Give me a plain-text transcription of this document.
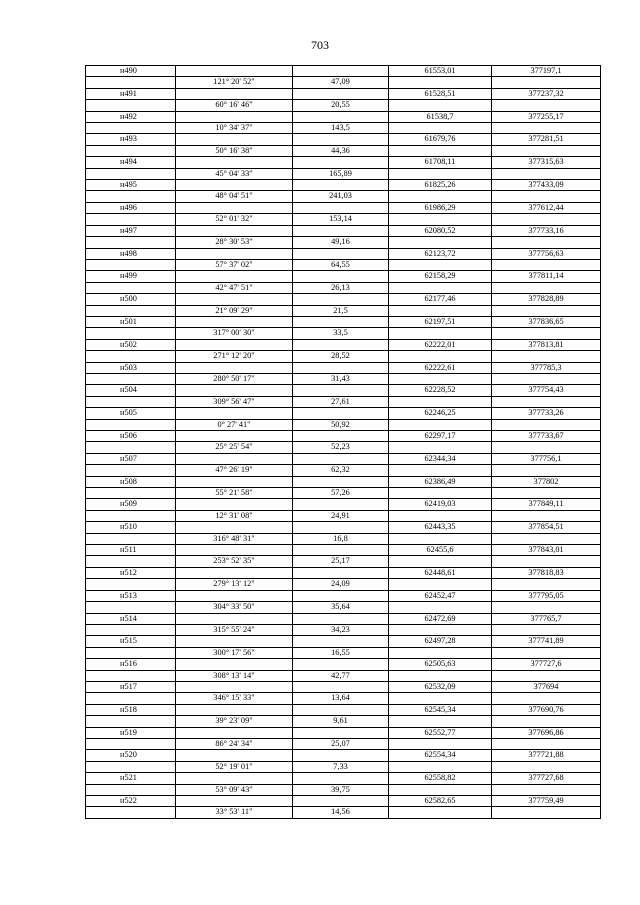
703
н490			61553,01	377197,1
	121° 20' 52"	47,09		
н491			61528,51	377237,32
	60° 16' 46"	20,55		
н492			61538,7	377255,17
	10° 34' 37"	143,5		
н493			61679,76	377281,51
	50° 16' 38"	44,36		
н494			61708,11	377315,63
	45° 04' 33"	165,89		
н495			61825,26	377433,09
	48° 04' 51"	241,03		
н496			61986,29	377612,44
	52° 01' 32"	153,14		
н497			62080,52	377733,16
	28° 30' 53"	49,16		
н498			62123,72	377756,63
	57° 37' 02"	64,55		
н499			62158,29	377811,14
	42° 47' 51"	26,13		
н500			62177,46	377828,89
	21° 09' 29"	21,5		
н501			62197,51	377836,65
	317° 00' 30"	33,5		
н502			62222,01	377813,81
	271° 12' 20"	28,52		
н503			62222,61	377785,3
	280° 50' 17"	31,43		
н504			62228,52	377754,43
	309° 56' 47"	27,61		
н505			62246,25	377733,26
	0° 27' 41"	50,92		
н506			62297,17	377733,67
	25° 25' 54"	52,23		
н507			62344,34	377756,1
	47° 26' 19"	62,32		
н508			62386,49	377802
	55° 21' 58"	57,26		
н509			62419,03	377849,11
	12° 31' 08"	24,91		
н510			62443,35	377854,51
	316° 48' 31"	16,8		
н511			62455,6	377843,01
	253° 52' 35"	25,17		
н512			62448,61	377818,83
	279° 13' 12"	24,09		
н513			62452,47	377795,05
	304° 33' 50"	35,64		
н514			62472,69	377765,7
	315° 55' 24"	34,23		
н515			62497,28	377741,89
	300° 17' 56"	16,55		
н516			62505,63	377727,6
	308° 13' 14"	42,77		
н517			62532,09	377694
	346° 15' 33"	13,64		
н518			62545,34	377690,76
	39° 23' 09"	9,61		
н519			62552,77	377696,86
	86° 24' 34"	25,07		
н520			62554,34	377721,88
	52° 19' 01"	7,33		
н521			62558,82	377727,68
	53° 09' 43"	39,75		
н522			62582,65	377759,49
	33° 53' 11"	14,56		
